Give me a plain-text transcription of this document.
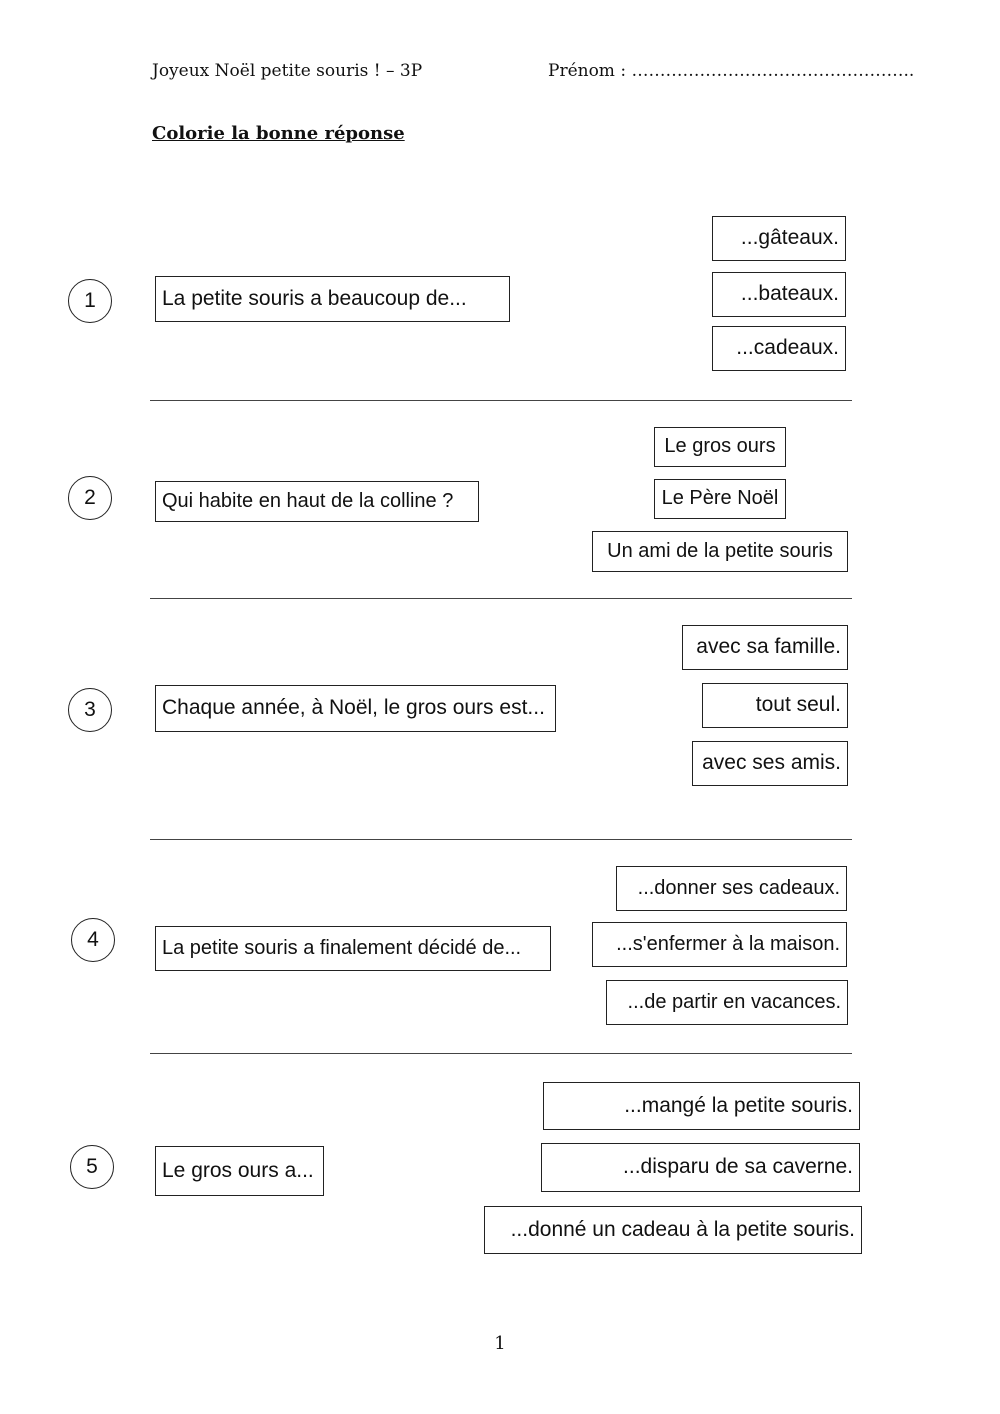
Joyeux Noël petite souris ! – 3P	Prénom : …………………………………………..
Colorie la bonne réponse
1	La petite souris a beaucoup de...
...gâteaux.
...bateaux.
...cadeaux.
2	Qui habite en haut de la colline ?
Le gros ours
Le Père Noël
Un ami de la petite souris
3	Chaque année, à Noël, le gros ours est...
avec sa famille.
tout seul.
avec ses amis.
4	La petite souris a finalement décidé de...
...donner ses cadeaux.
...s'enfermer à la maison.
...de partir en vacances.
5	Le gros ours a...
...mangé la petite souris.
...disparu de sa caverne.
...donné un cadeau à la petite souris.
1
